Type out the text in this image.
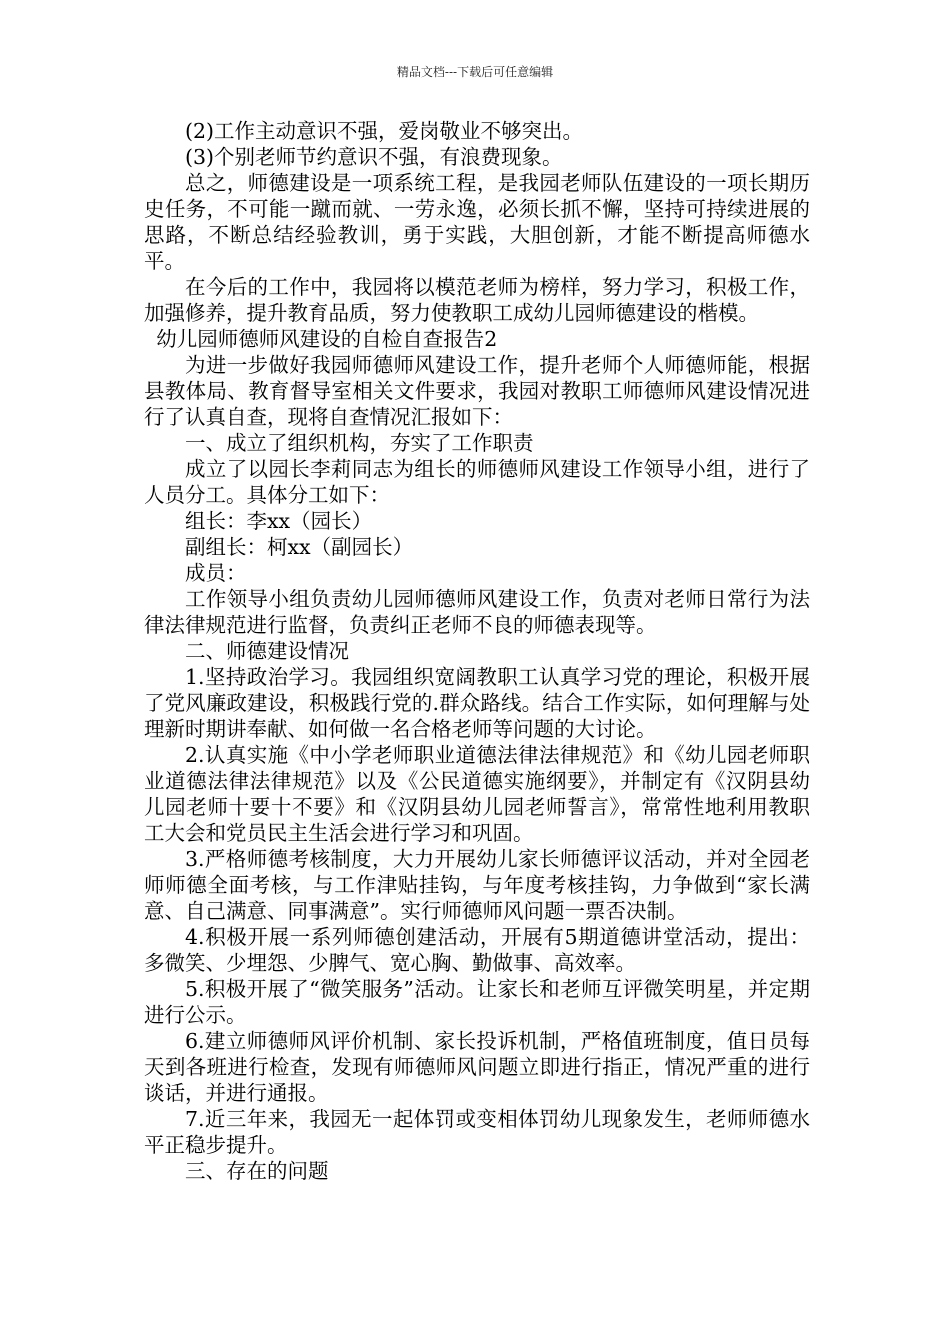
精品文档---下载后可任意编辑

(2)工作主动意识不强，爱岗敬业不够突出。

(3)个别老师节约意识不强，有浪费现象。

总之，师德建设是一项系统工程，是我园老师队伍建设的一项长期历史任务，不可能一蹴而就、一劳永逸，必须长抓不懈，坚持可持续进展的思路，不断总结经验教训，勇于实践，大胆创新，才能不断提高师德水平。

在今后的工作中，我园将以模范老师为榜样，努力学习，积极工作，加强修养，提升教育品质，努力使教职工成幼儿园师德建设的楷模。

幼儿园师德师风建设的自检自查报告2

为进一步做好我园师德师风建设工作，提升老师个人师德师能，根据县教体局、教育督导室相关文件要求，我园对教职工师德师风建设情况进行了认真自查，现将自查情况汇报如下：

一、成立了组织机构，夯实了工作职责

成立了以园长李莉同志为组长的师德师风建设工作领导小组，进行了人员分工。具体分工如下：

组长：李xx（园长）

副组长：柯xx（副园长）

成员：

工作领导小组负责幼儿园师德师风建设工作，负责对老师日常行为法律法律规范进行监督，负责纠正老师不良的师德表现等。

二、师德建设情况

1.坚持政治学习。我园组织宽阔教职工认真学习党的理论，积极开展了党风廉政建设，积极践行党的.群众路线。结合工作实际，如何理解与处理新时期讲奉献、如何做一名合格老师等问题的大讨论。

2.认真实施《中小学老师职业道德法律法律规范》和《幼儿园老师职业道德法律法律规范》以及《公民道德实施纲要》，并制定有《汉阴县幼儿园老师十要十不要》和《汉阴县幼儿园老师誓言》，常常性地利用教职工大会和党员民主生活会进行学习和巩固。

3.严格师德考核制度，大力开展幼儿家长师德评议活动，并对全园老师师德全面考核，与工作津贴挂钩，与年度考核挂钩，力争做到“家长满意、自己满意、同事满意”。实行师德师风问题一票否决制。

4.积极开展一系列师德创建活动，开展有5期道德讲堂活动，提出：多微笑、少埋怨、少脾气、宽心胸、勤做事、高效率。

5.积极开展了“微笑服务”活动。让家长和老师互评微笑明星，并定期进行公示。

6.建立师德师风评价机制、家长投诉机制，严格值班制度，值日员每天到各班进行检查，发现有师德师风问题立即进行指正，情况严重的进行谈话，并进行通报。

7.近三年来，我园无一起体罚或变相体罚幼儿现象发生，老师师德水平正稳步提升。

三、存在的问题
